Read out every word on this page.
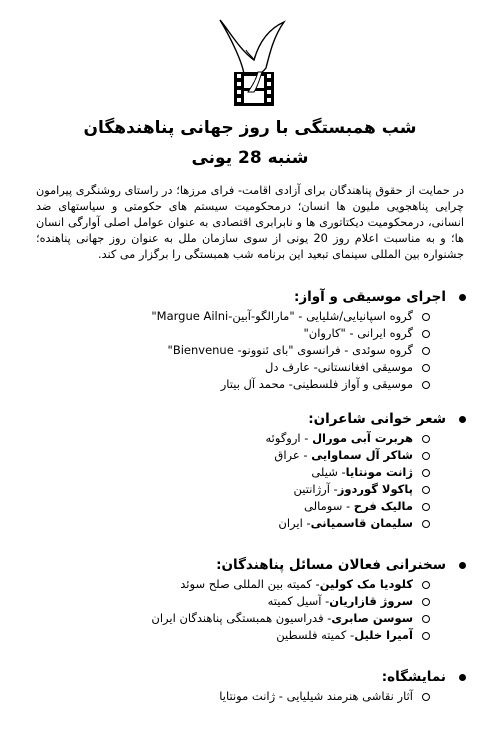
شب همبستگی با روز جهانی پناهندهگان
شنبه 28 یونی
در حمایت از حقوق پناهندگان برای آزادی اقامت- فرای مرزها؛ در راستای روشنگری پیرامون چرایی پناهجویی ملیون ها انسان؛ درمحکومیت سیستم های حکومتی و سیاستهای ضد انسانی، درمحکومیت دیکتاتوری ها و نابرابری اقتصادی به عنوان عوامل اصلی آوارگی انسان ها؛ و به مناسبت اعلام روز 20 یونی از سوی سازمان ملل به عنوان روز جهانی پناهنده؛ جشنواره بین المللی سینمای تبعید این برنامه شب همبستگی را برگزار می کند.
اجرای موسیقی و آواز:
گروه اسپانیایی/شلیایی - "مارالگو-آبین-Margue Ailni"
گروه ایرانی - "کاروان"
گروه سوئدی - فرانسوی "بای ئنوونو- Bienvenue"
موسیقی افغانستانی- عارف دل
موسیقی و آواز فلسطینی- محمد آل بیتار
شعر خوانی شاعران:
هربرت آبی مورال - اروگوئه
شاکر آل سماوایی - عراق
ژانت مونتایا- شیلی
پاکولا گوردوز- آرژانتین
مالیک فرح - سومالی
سلیمان قاسمیانی- ایران
سخنرانی فعالان مسائل پناهندگان:
کلودیا مک کولین- کمیته بین المللی صلح سوئد
سروژ قازاریان- آسیل کمیته
سوسن صابری- فدراسیون همبستگی پناهندگان ایران
آمیرا خلیل- کمیته فلسطین
نمایشگاه:
آثار نقاشی هنرمند شیلیایی - ژانت مونتایا
